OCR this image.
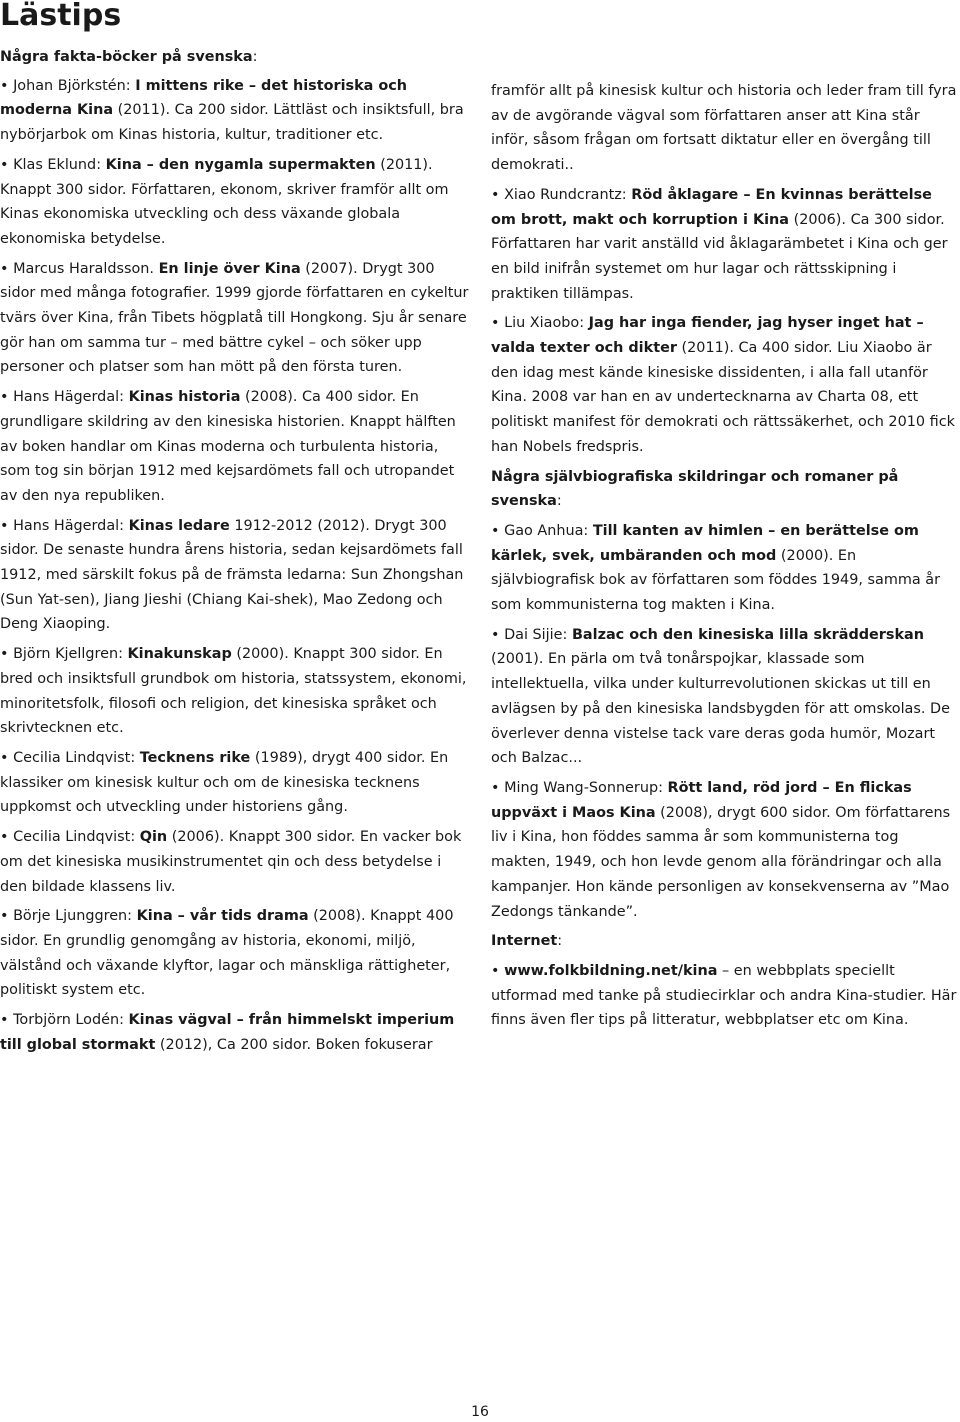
Lästips

Några fakta-böcker på svenska:

• Johan Björkstén: I mittens rike – det historiska och moderna Kina (2011). Ca 200 sidor. Lättläst och insiktsfull, bra nybörjarbok om Kinas historia, kultur, traditioner etc.

• Klas Eklund: Kina – den nygamla supermakten (2011). Knappt 300 sidor. Författaren, ekonom, skriver framför allt om Kinas ekonomiska utveckling och dess växande globala ekonomiska betydelse.

• Marcus Haraldsson. En linje över Kina (2007). Drygt 300 sidor med många fotografier. 1999 gjorde författaren en cykeltur tvärs över Kina, från Tibets högplatå till Hongkong. Sju år senare gör han om samma tur – med bättre cykel – och söker upp personer och platser som han mött på den första turen.

• Hans Hägerdal: Kinas historia (2008). Ca 400 sidor. En grundligare skildring av den kinesiska historien. Knappt hälften av boken handlar om Kinas moderna och turbulenta historia, som tog sin början 1912 med kejsardömets fall och utropandet av den nya republiken.

• Hans Hägerdal: Kinas ledare 1912-2012 (2012). Drygt 300 sidor. De senaste hundra årens historia, sedan kejsardömets fall 1912, med särskilt fokus på de främsta ledarna: Sun Zhongshan (Sun Yat-sen), Jiang Jieshi (Chiang Kai-shek), Mao Zedong och Deng Xiaoping.

• Björn Kjellgren: Kinakunskap (2000). Knappt 300 sidor. En bred och insiktsfull grundbok om historia, statssystem, ekonomi, minoritetsfolk, filosofi och religion, det kinesiska språket och skrivtecknen etc.

• Cecilia Lindqvist: Tecknens rike (1989), drygt 400 sidor. En klassiker om kinesisk kultur och om de kinesiska tecknens uppkomst och utveckling under historiens gång.

• Cecilia Lindqvist: Qin (2006). Knappt 300 sidor. En vacker bok om det kinesiska musikinstrumentet qin och dess betydelse i den bildade klassens liv.

• Börje Ljunggren: Kina – vår tids drama (2008). Knappt 400 sidor. En grundlig genomgång av historia, ekonomi, miljö, välstånd och växande klyftor, lagar och mänskliga rättigheter, politiskt system etc.

• Torbjörn Lodén: Kinas vägval – från himmelskt imperium till global stormakt (2012), Ca 200 sidor. Boken fokuserar

framför allt på kinesisk kultur och historia och leder fram till fyra av de avgörande vägval som författaren anser att Kina står inför, såsom frågan om fortsatt diktatur eller en övergång till demokrati..

• Xiao Rundcrantz: Röd åklagare – En kvinnas berättelse om brott, makt och korruption i Kina (2006). Ca 300 sidor. Författaren har varit anställd vid åklagarämbetet i Kina och ger en bild inifrån systemet om hur lagar och rättsskipning i praktiken tillämpas.

• Liu Xiaobo: Jag har inga fiender, jag hyser inget hat – valda texter och dikter (2011). Ca 400 sidor. Liu Xiaobo är den idag mest kände kinesiske dissidenten, i alla fall utanför Kina. 2008 var han en av undertecknarna av Charta 08, ett politiskt manifest för demokrati och rättssäkerhet, och 2010 fick han Nobels fredspris.

Några självbiografiska skildringar och romaner på svenska:

• Gao Anhua: Till kanten av himlen – en berättelse om kärlek, svek, umbäranden och mod (2000). En självbiografisk bok av författaren som föddes 1949, samma år som kommunisterna tog makten i Kina.

• Dai Sijie: Balzac och den kinesiska lilla skrädderskan (2001). En pärla om två tonårspojkar, klassade som intellektuella, vilka under kulturrevolutionen skickas ut till en avlägsen by på den kinesiska landsbygden för att omskolas. De överlever denna vistelse tack vare deras goda humör, Mozart och Balzac...

• Ming Wang-Sonnerup: Rött land, röd jord – En flickas uppväxt i Maos Kina (2008), drygt 600 sidor. Om författarens liv i Kina, hon föddes samma år som kommunisterna tog makten, 1949, och hon levde genom alla förändringar och alla kampanjer. Hon kände personligen av konsekvenserna av ”Mao Zedongs tänkande”.

Internet:

• www.folkbildning.net/kina – en webbplats speciellt utformad med tanke på studiecirklar och andra Kina-studier. Här finns även fler tips på litteratur, webbplatser etc om Kina.

16
